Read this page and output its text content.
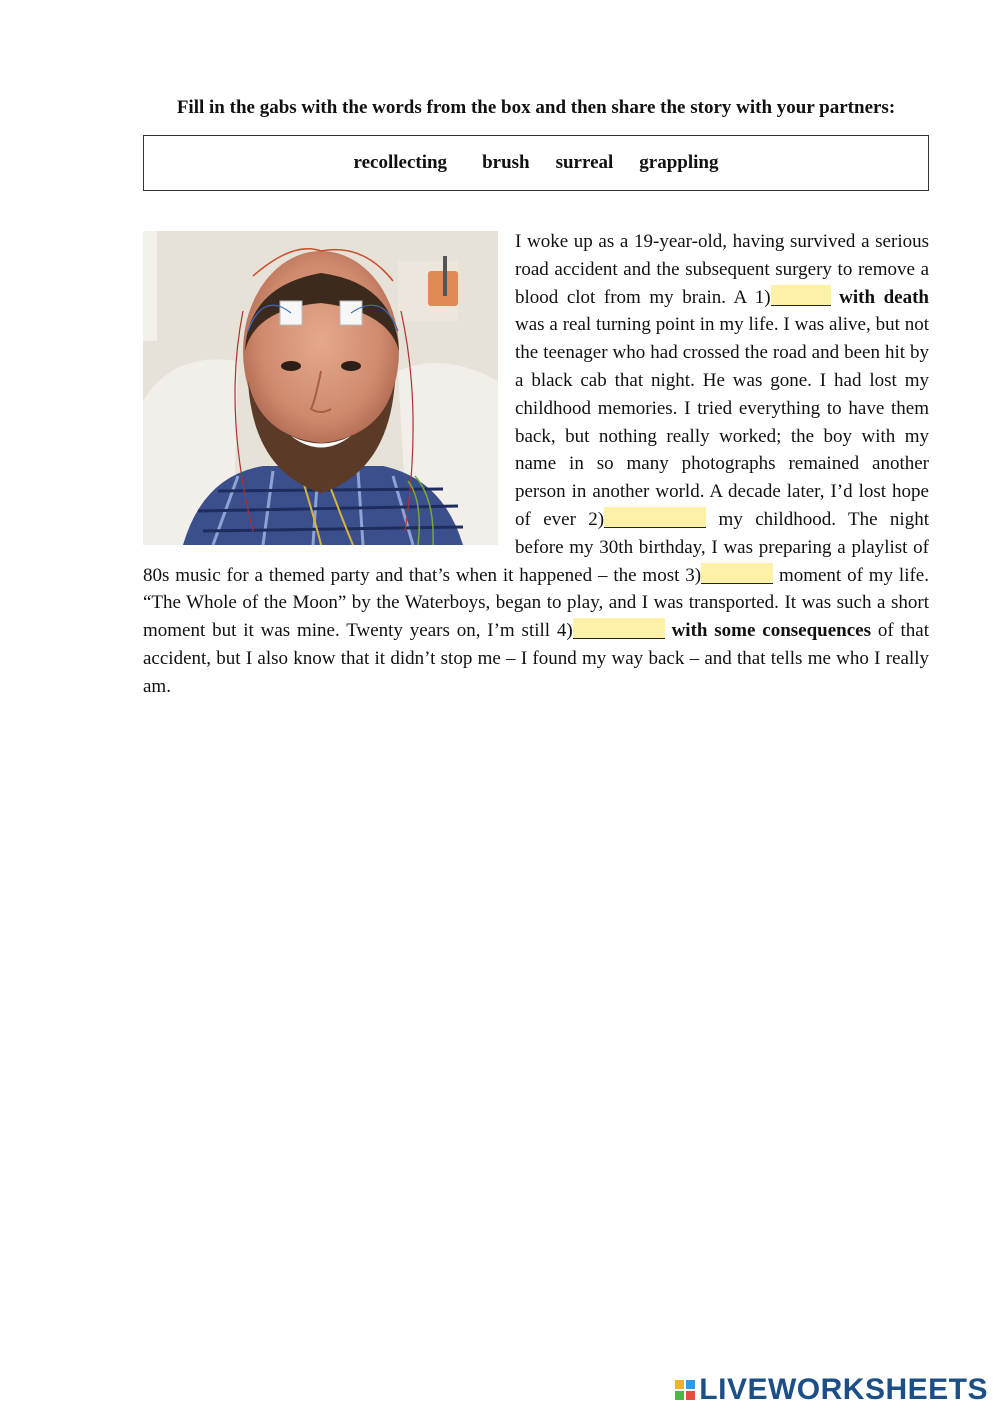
Fill in the gabs with the words from the box and then share the story with your partners:
recollecting brush surreal grappling
I woke up as a 19-year-old, having survived a serious road accident and the subsequent surgery to remove a blood clot from my brain. A 1)	with death was a real turning point in my life. I was alive, but not the teenager who had crossed the road and been hit by a black cab that night. He was gone. I had lost my childhood memories. I tried everything to have them back, but nothing really worked; the boy with my name in so many photographs remained another person in another world. A decade later, I’d lost hope of ever 2)	my childhood. The night before my 30th birthday, I was preparing a playlist of 80s music for a themed party and that’s when it happened – the most 3)	moment of my life. “The Whole of the Moon” by the Waterboys, began to play, and I was transported. It was such a short moment but it was mine. Twenty years on, I’m still 4)	with some consequences of that accident, but I also know that it didn’t stop me – I found my way back – and that tells me who I really am.
LIVEWORKSHEETS
